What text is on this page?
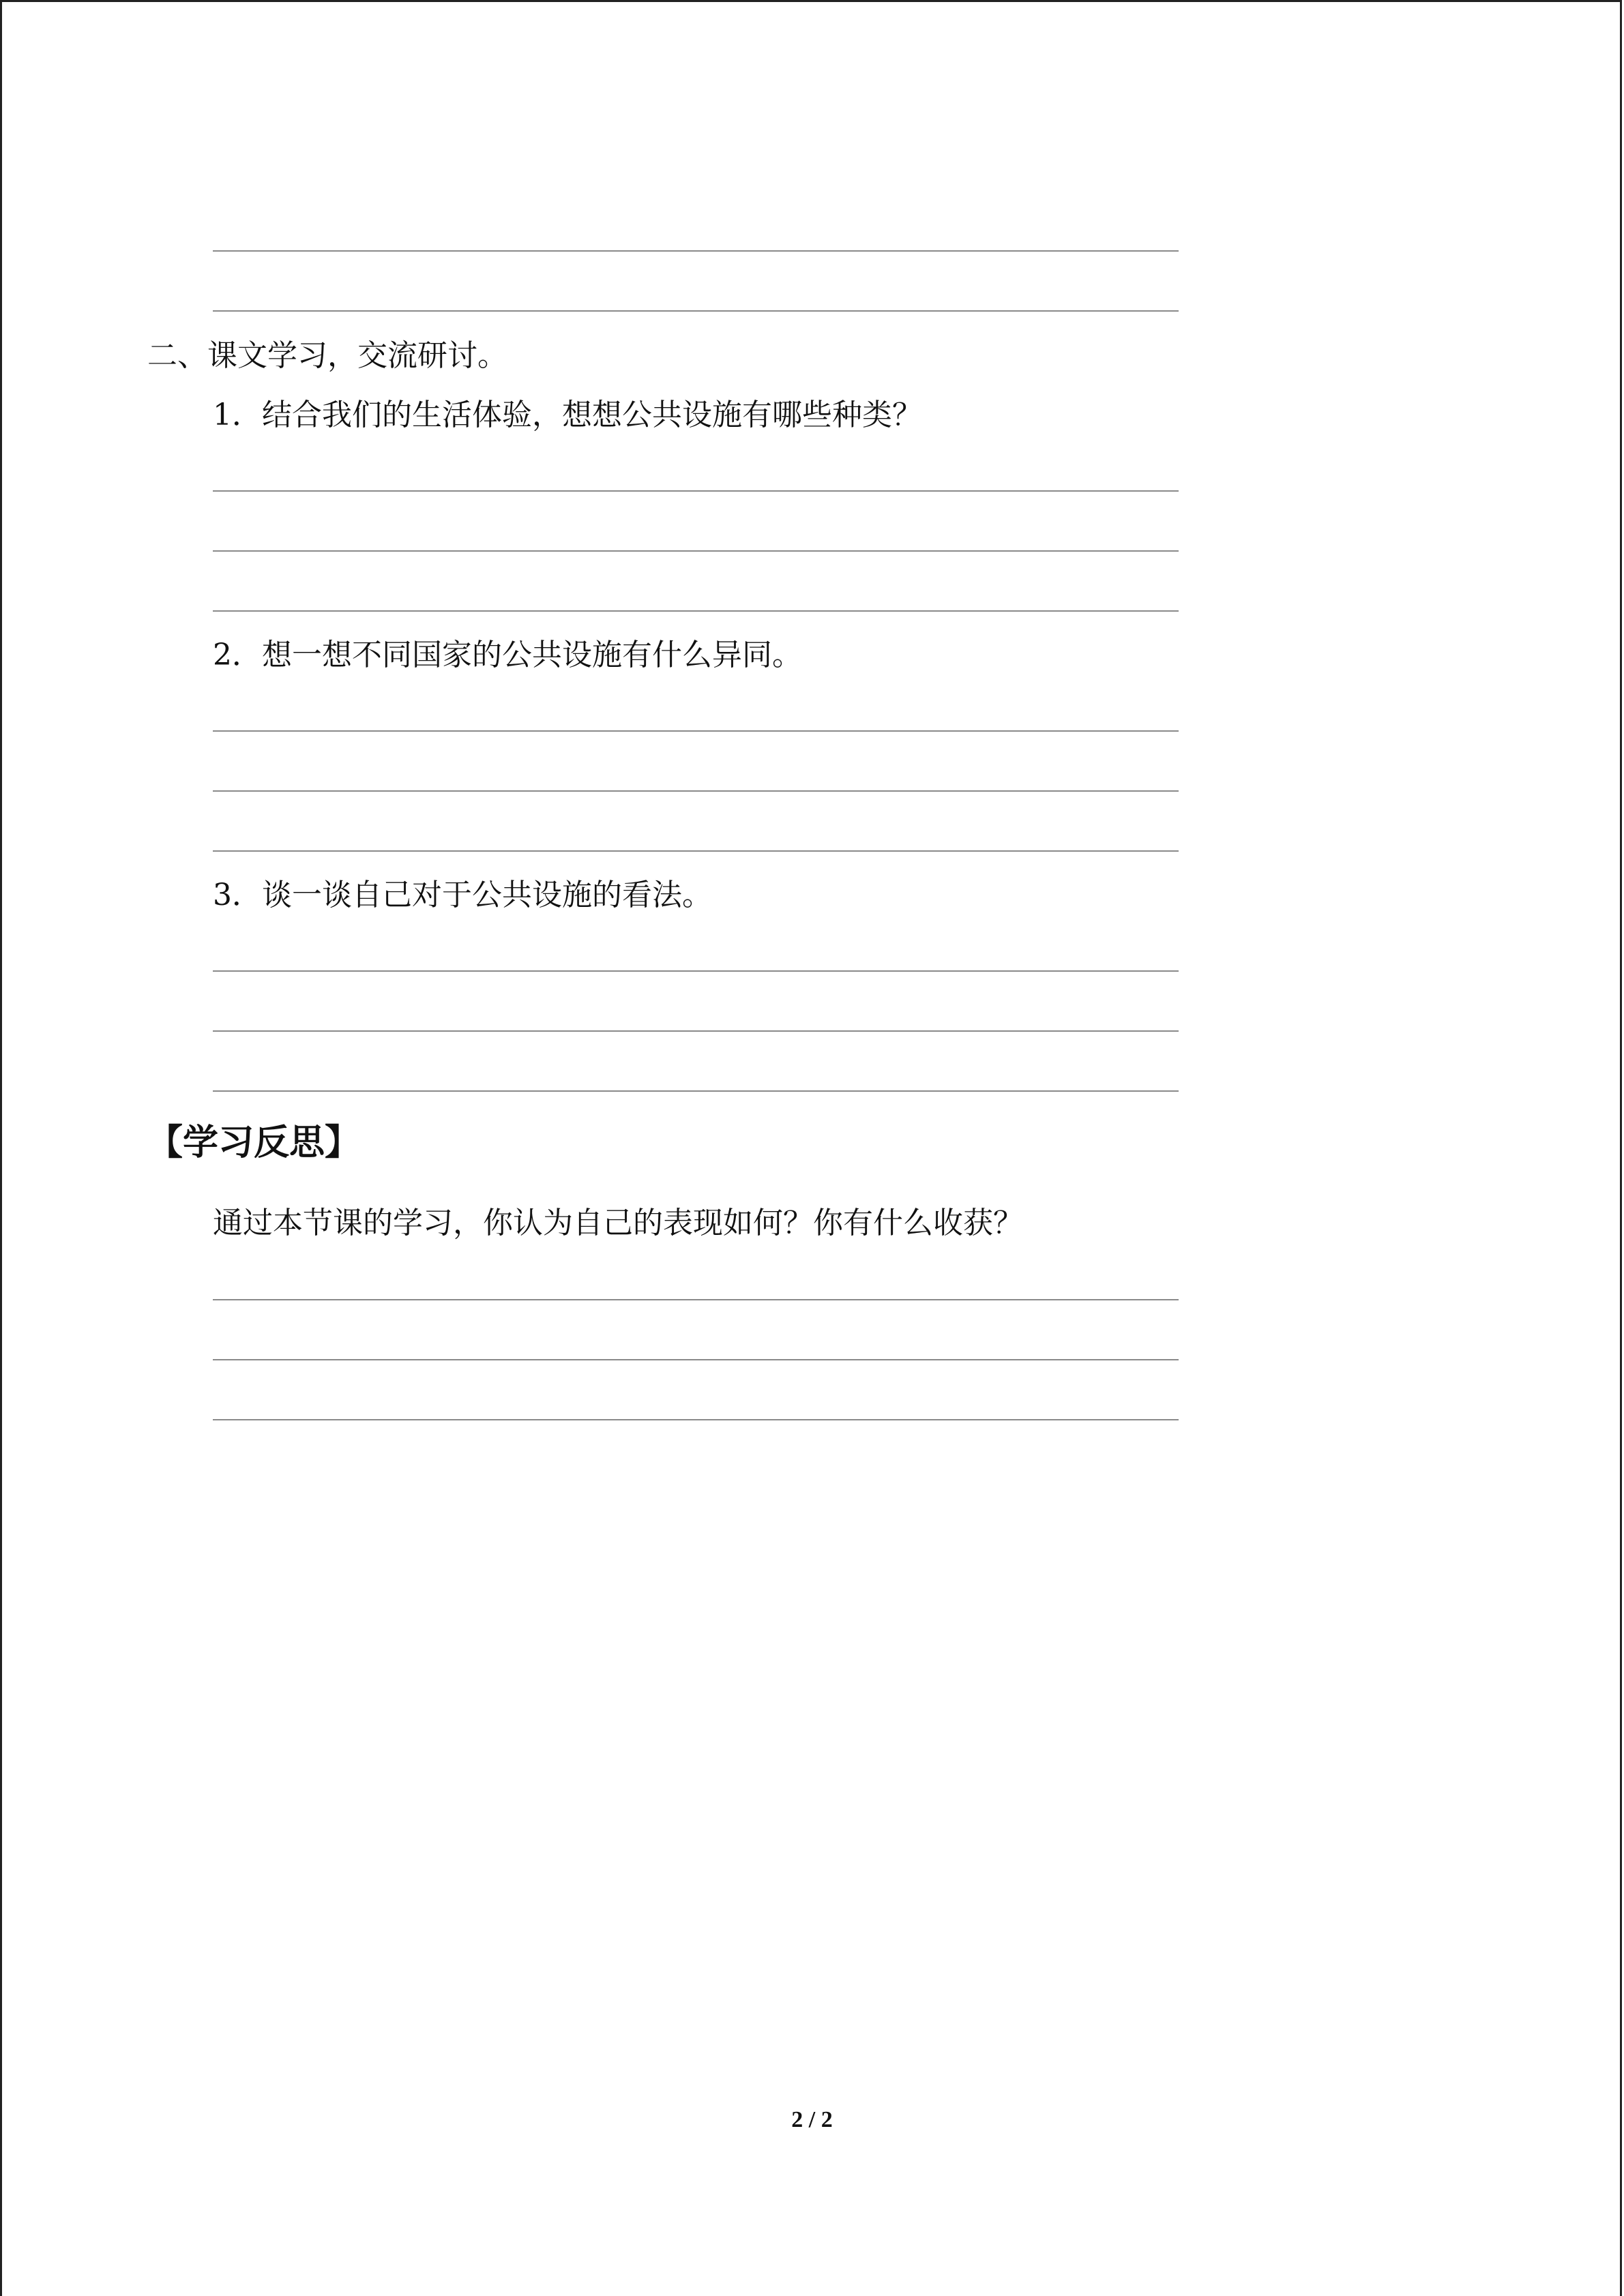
二、课文学习，交流研讨。
1．结合我们的生活体验，想想公共设施有哪些种类？
2．想一想不同国家的公共设施有什么异同。
3．谈一谈自己对于公共设施的看法。
【学习反思】
通过本节课的学习，你认为自己的表现如何？你有什么收获？
2 / 2
